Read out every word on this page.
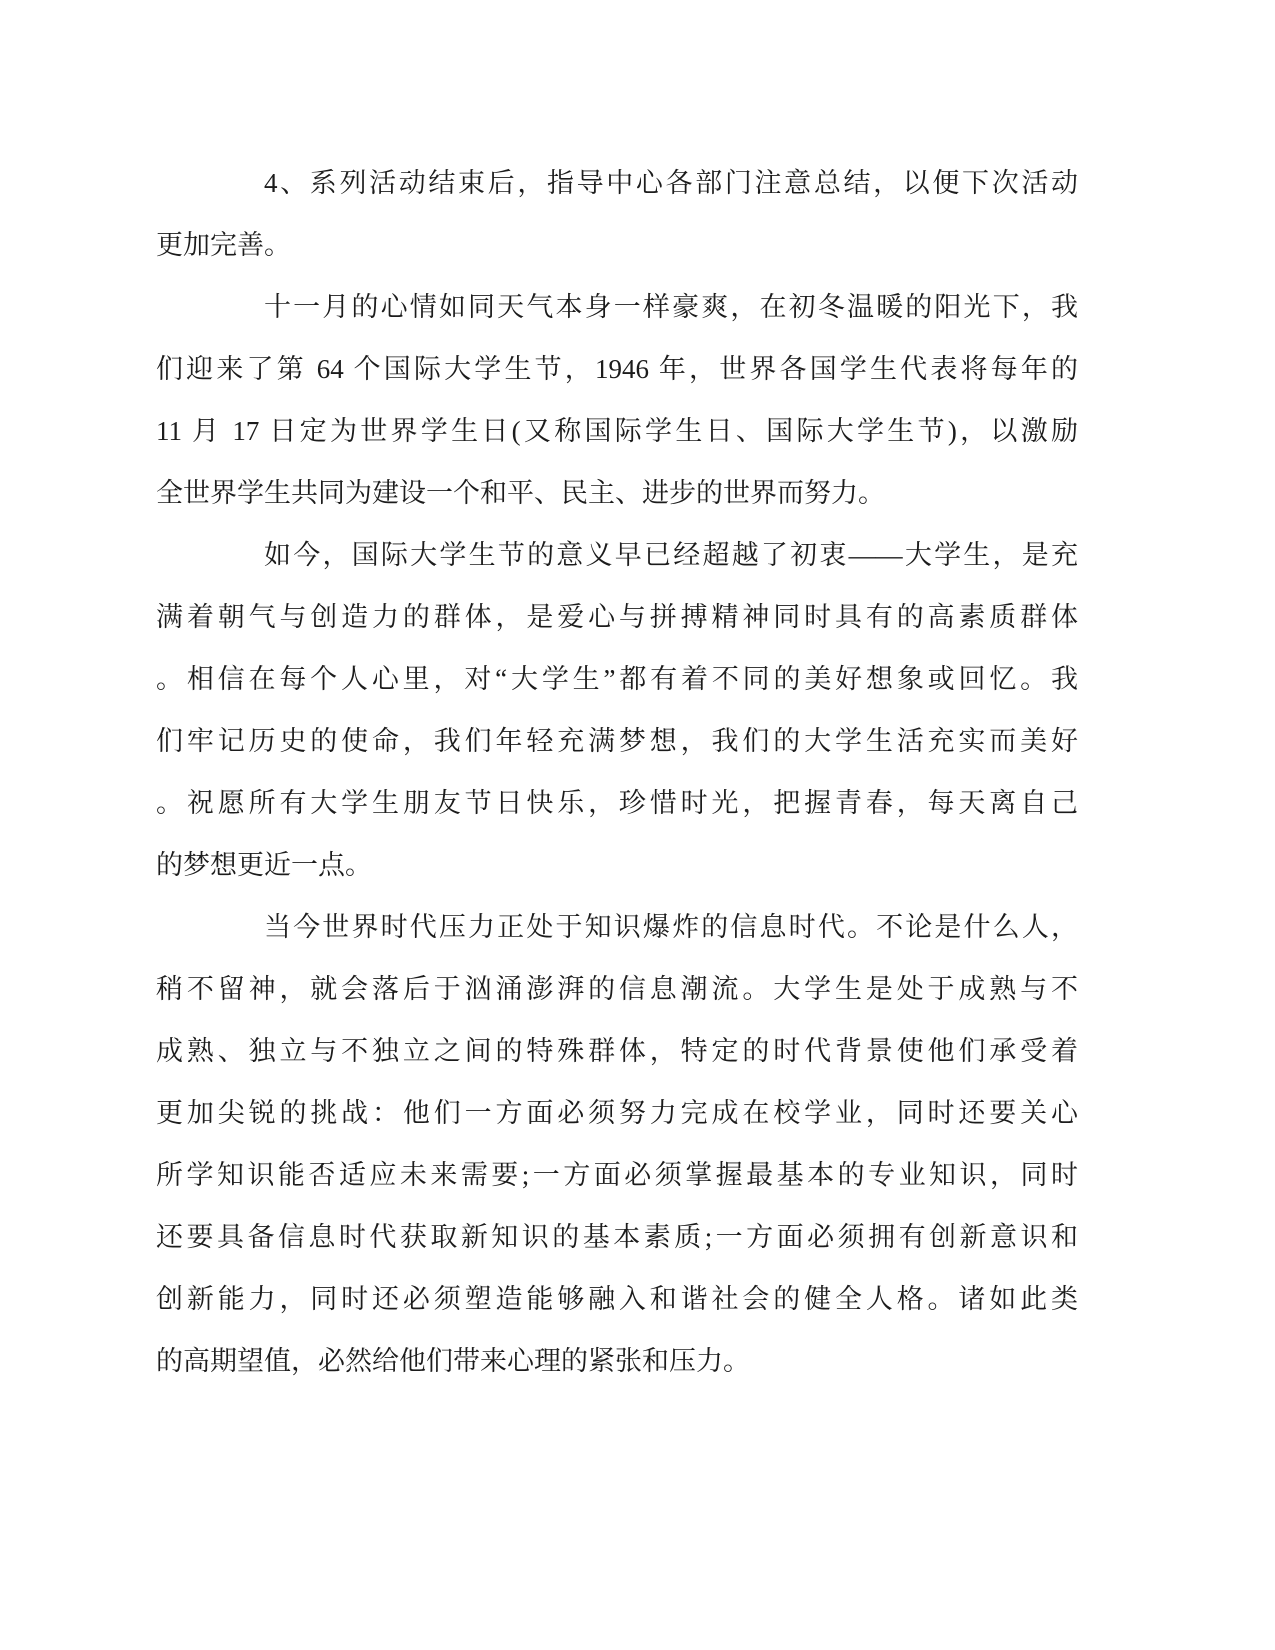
4、系列活动结束后，指导中心各部门注意总结，以便下次活动
更加完善。
十一月的心情如同天气本身一样豪爽，在初冬温暖的阳光下，我
们迎来了第 64 个国际大学生节，1946 年，世界各国学生代表将每年的
11 月 17 日定为世界学生日(又称国际学生日、国际大学生节)，以激励
全世界学生共同为建设一个和平、民主、进步的世界而努力。
如今，国际大学生节的意义早已经超越了初衷——大学生，是充
满着朝气与创造力的群体，是爱心与拼搏精神同时具有的高素质群体
。相信在每个人心里，对“大学生”都有着不同的美好想象或回忆。我
们牢记历史的使命，我们年轻充满梦想，我们的大学生活充实而美好
。祝愿所有大学生朋友节日快乐，珍惜时光，把握青春，每天离自己
的梦想更近一点。
当今世界时代压力正处于知识爆炸的信息时代。不论是什么人，
稍不留神，就会落后于汹涌澎湃的信息潮流。大学生是处于成熟与不
成熟、独立与不独立之间的特殊群体，特定的时代背景使他们承受着
更加尖锐的挑战：他们一方面必须努力完成在校学业，同时还要关心
所学知识能否适应未来需要;一方面必须掌握最基本的专业知识，同时
还要具备信息时代获取新知识的基本素质;一方面必须拥有创新意识和
创新能力，同时还必须塑造能够融入和谐社会的健全人格。诸如此类
的高期望值，必然给他们带来心理的紧张和压力。
